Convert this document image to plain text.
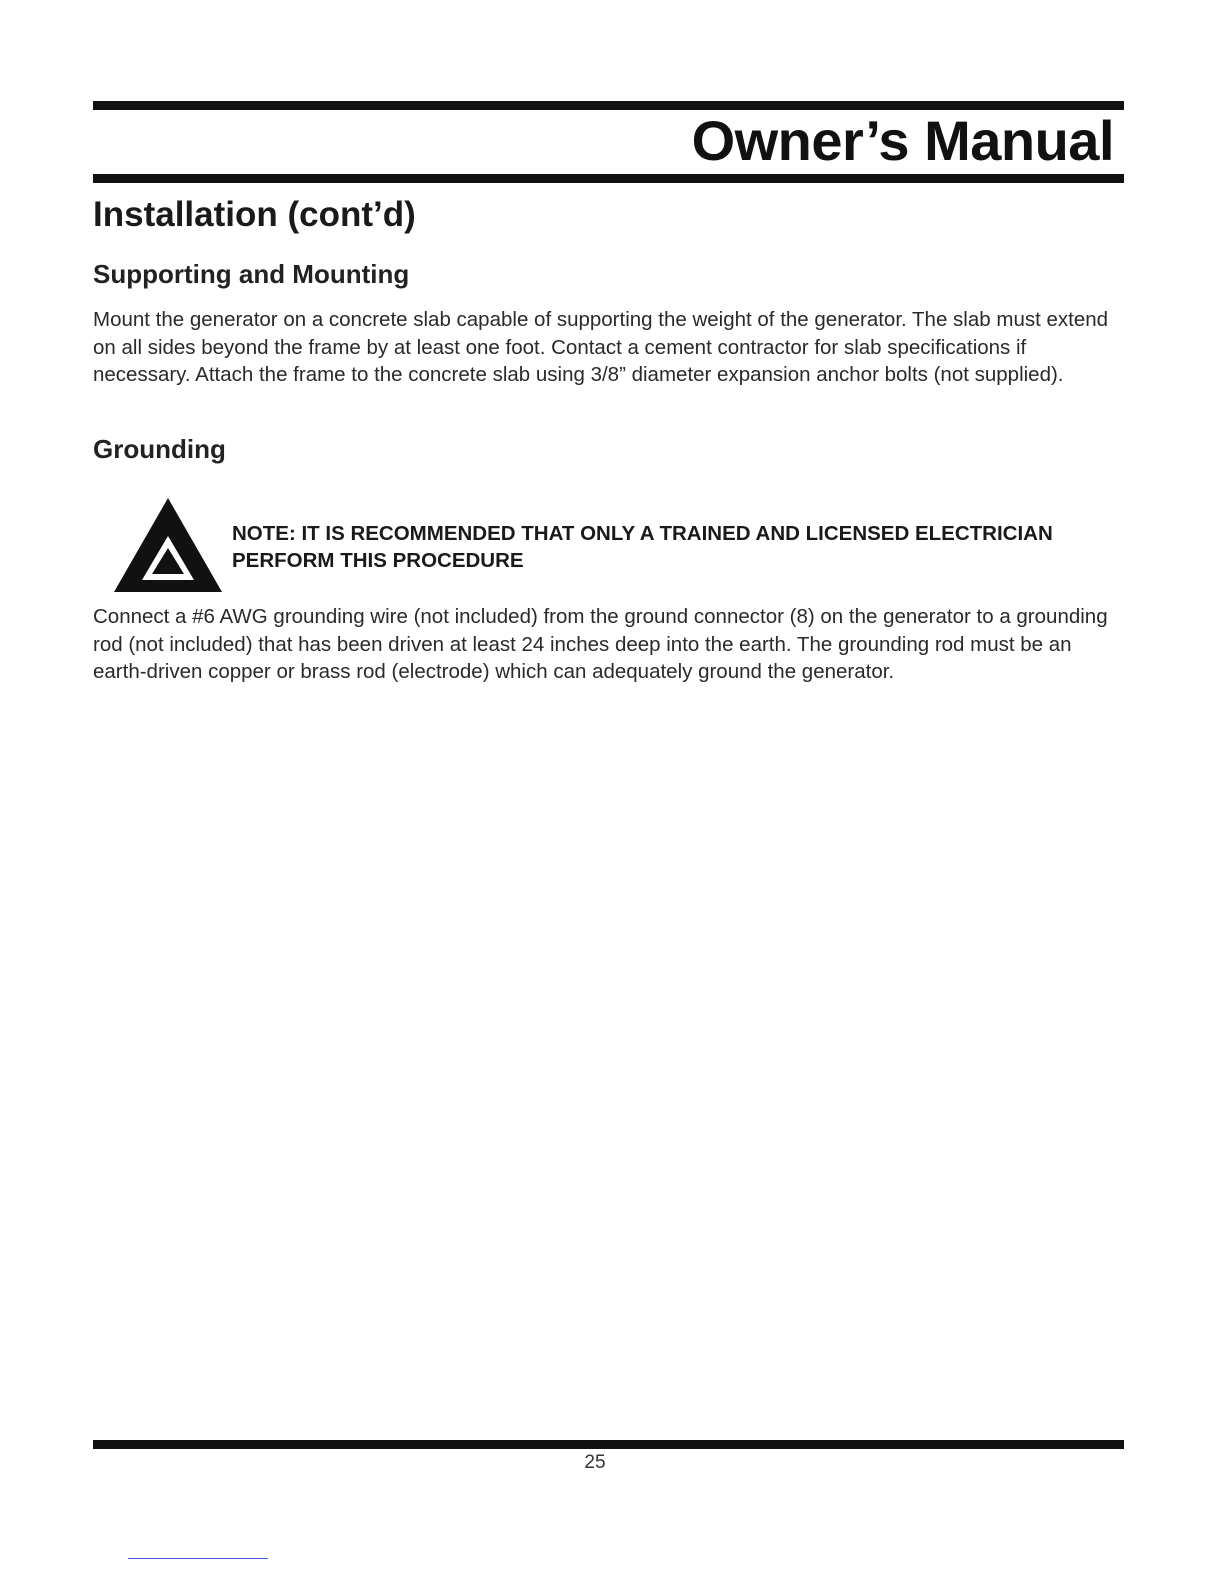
Owner’s Manual
Installation (cont’d)
Supporting and Mounting

Mount the generator on a concrete slab capable of supporting the weight of the generator. The slab must extend on all sides beyond the frame by at least one foot. Contact a cement contractor for slab specifications if necessary. Attach the frame to the concrete slab using 3/8” diameter expansion anchor bolts (not supplied).

Grounding

NOTE: IT IS RECOMMENDED THAT ONLY A TRAINED AND LICENSED ELECTRICIAN PERFORM THIS PROCEDURE

Connect a #6 AWG grounding wire (not included) from the ground connector (8) on the generator to a grounding rod (not included) that has been driven at least 24 inches deep into the earth. The grounding rod must be an earth-driven copper or brass rod (electrode) which can adequately ground the generator.

25
